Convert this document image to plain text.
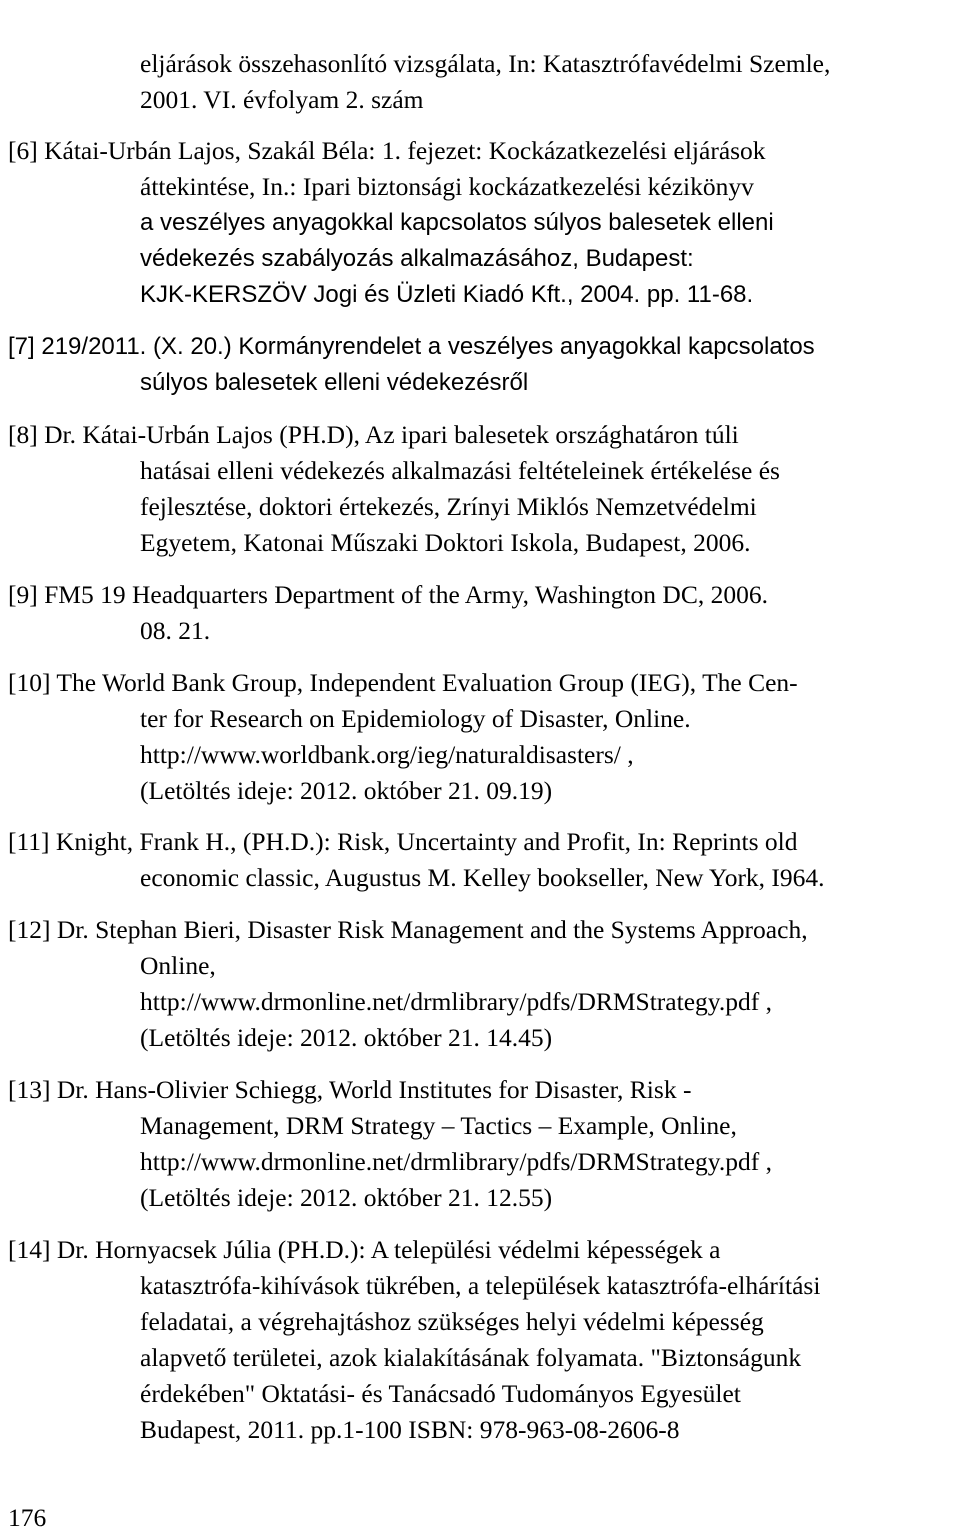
eljárások összehasonlító vizsgálata, In: Katasztrófavédelmi Szemle,
2001. VI. évfolyam 2. szám
[6] Kátai-Urbán Lajos, Szakál Béla: 1. fejezet: Kockázatkezelési eljárások
áttekintése, In.: Ipari biztonsági kockázatkezelési kézikönyv
a veszélyes anyagokkal kapcsolatos súlyos balesetek elleni
védekezés szabályozás alkalmazásához, Budapest:
KJK-KERSZÖV Jogi és Üzleti Kiadó Kft., 2004. pp. 11-68.
[7] 219/2011. (X. 20.) Kormányrendelet a veszélyes anyagokkal kapcsolatos
súlyos balesetek elleni védekezésről
[8] Dr. Kátai-Urbán Lajos (PH.D), Az ipari balesetek országhatáron túli
hatásai elleni védekezés alkalmazási feltételeinek értékelése és
fejlesztése, doktori értekezés, Zrínyi Miklós Nemzetvédelmi
Egyetem, Katonai Műszaki Doktori Iskola, Budapest, 2006.
[9] FM5 19 Headquarters Department of the Army, Washington DC, 2006.
08. 21.
[10] The World Bank Group, Independent Evaluation Group (IEG), The Cen-
ter for Research on Epidemiology of Disaster, Online.
http://www.worldbank.org/ieg/naturaldisasters/ ,
(Letöltés ideje: 2012. október 21. 09.19)
[11] Knight, Frank H., (PH.D.): Risk, Uncertainty and Profit, In: Reprints old
economic classic, Augustus M. Kelley bookseller, New York, I964.
[12] Dr. Stephan Bieri, Disaster Risk Management and the Systems Approach,
Online,
http://www.drmonline.net/drmlibrary/pdfs/DRMStrategy.pdf ,
(Letöltés ideje: 2012. október 21. 14.45)
[13] Dr. Hans-Olivier Schiegg, World Institutes for Disaster, Risk -
Management, DRM Strategy – Tactics – Example, Online,
http://www.drmonline.net/drmlibrary/pdfs/DRMStrategy.pdf ,
(Letöltés ideje: 2012. október 21. 12.55)
[14] Dr. Hornyacsek Júlia (PH.D.): A települési védelmi képességek a
katasztrófa-kihívások tükrében, a települések katasztrófa-elhárítási
feladatai, a végrehajtáshoz szükséges helyi védelmi képesség
alapvető területei, azok kialakításának folyamata. "Biztonságunk
érdekében" Oktatási- és Tanácsadó Tudományos Egyesület
Budapest, 2011. pp.1-100 ISBN: 978-963-08-2606-8
176
